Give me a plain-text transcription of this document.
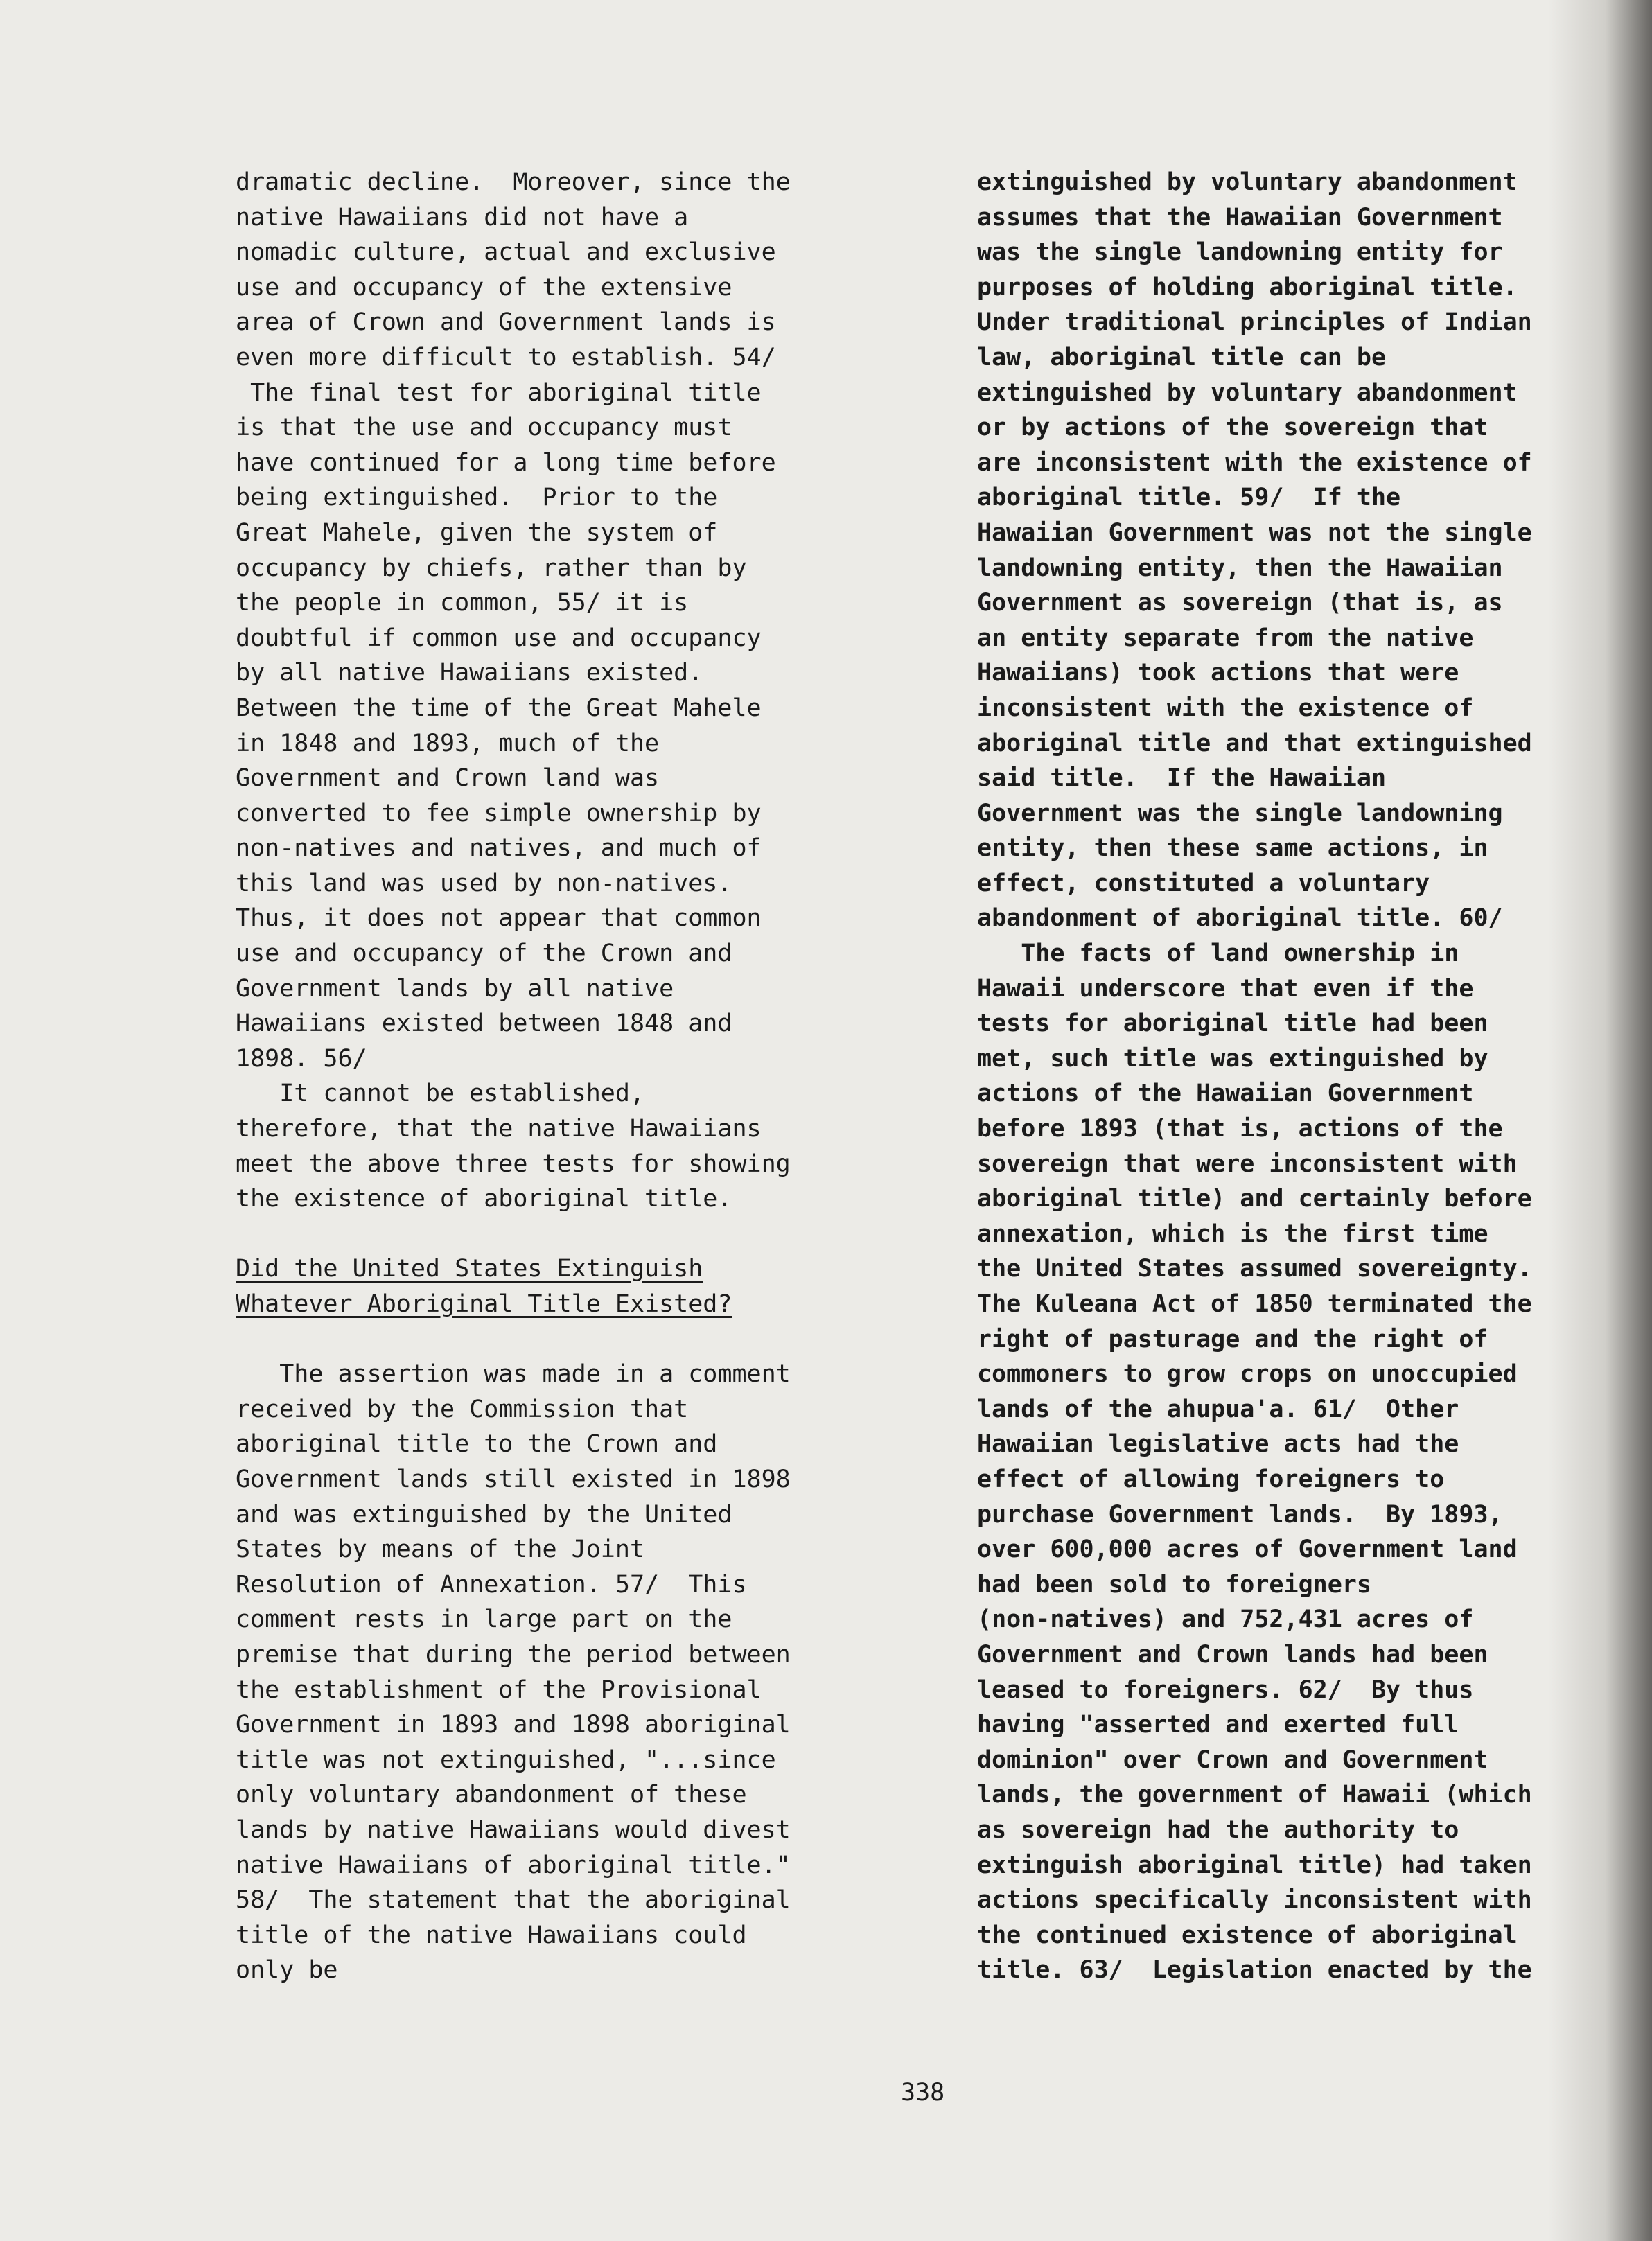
dramatic decline.  Moreover, since the
native Hawaiians did not have a
nomadic culture, actual and exclusive
use and occupancy of the extensive
area of Crown and Government lands is
even more difficult to establish. 54/
The final test for aboriginal title
is that the use and occupancy must
have continued for a long time before
being extinguished.  Prior to the
Great Mahele, given the system of
occupancy by chiefs, rather than by
the people in common, 55/ it is
doubtful if common use and occupancy
by all native Hawaiians existed.
Between the time of the Great Mahele
in 1848 and 1893, much of the
Government and Crown land was
converted to fee simple ownership by
non-natives and natives, and much of
this land was used by non-natives.
Thus, it does not appear that common
use and occupancy of the Crown and
Government lands by all native
Hawaiians existed between 1848 and
1898. 56/
It cannot be established,
therefore, that the native Hawaiians
meet the above three tests for showing
the existence of aboriginal title.
Did the United States Extinguish
Whatever Aboriginal Title Existed?
The assertion was made in a comment
received by the Commission that
aboriginal title to the Crown and
Government lands still existed in 1898
and was extinguished by the United
States by means of the Joint
Resolution of Annexation. 57/  This
comment rests in large part on the
premise that during the period between
the establishment of the Provisional
Government in 1893 and 1898 aboriginal
title was not extinguished, "...since
only voluntary abandonment of these
lands by native Hawaiians would divest
native Hawaiians of aboriginal title."
58/  The statement that the aboriginal
title of the native Hawaiians could
only be
extinguished by voluntary abandonment
assumes that the Hawaiian Government
was the single landowning entity for
purposes of holding aboriginal title.
Under traditional principles of Indian
law, aboriginal title can be
extinguished by voluntary abandonment
or by actions of the sovereign that
are inconsistent with the existence of
aboriginal title. 59/  If the
Hawaiian Government was not the single
landowning entity, then the Hawaiian
Government as sovereign (that is, as
an entity separate from the native
Hawaiians) took actions that were
inconsistent with the existence of
aboriginal title and that extinguished
said title.  If the Hawaiian
Government was the single landowning
entity, then these same actions, in
effect, constituted a voluntary
abandonment of aboriginal title. 60/
The facts of land ownership in
Hawaii underscore that even if the
tests for aboriginal title had been
met, such title was extinguished by
actions of the Hawaiian Government
before 1893 (that is, actions of the
sovereign that were inconsistent with
aboriginal title) and certainly before
annexation, which is the first time
the United States assumed sovereignty.
The Kuleana Act of 1850 terminated the
right of pasturage and the right of
commoners to grow crops on unoccupied
lands of the ahupua'a. 61/  Other
Hawaiian legislative acts had the
effect of allowing foreigners to
purchase Government lands.  By 1893,
over 600,000 acres of Government land
had been sold to foreigners
(non-natives) and 752,431 acres of
Government and Crown lands had been
leased to foreigners. 62/  By thus
having "asserted and exerted full
dominion" over Crown and Government
lands, the government of Hawaii (which
as sovereign had the authority to
extinguish aboriginal title) had taken
actions specifically inconsistent with
the continued existence of aboriginal
title. 63/  Legislation enacted by the
338
